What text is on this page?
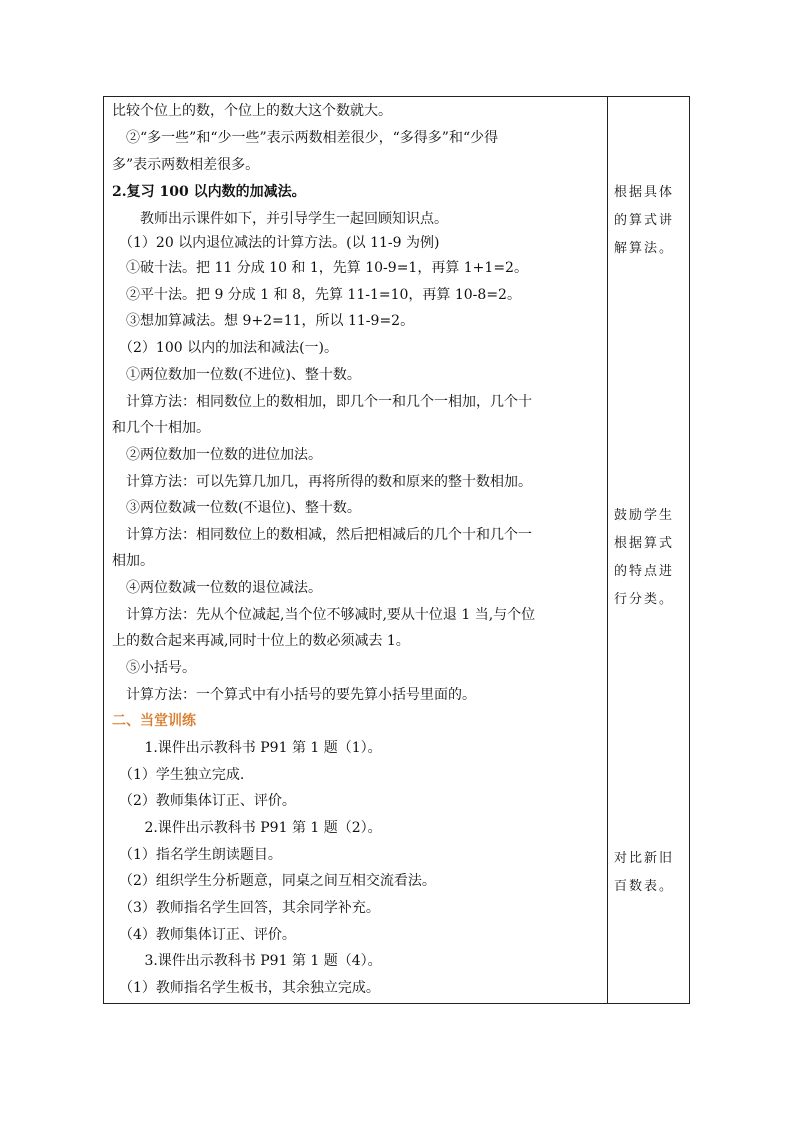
比较个位上的数，个位上的数大这个数就大。
　②“多一些”和“少一些”表示两数相差很少，“多得多”和“少得
多”表示两数相差很多。
2.复习 100 以内数的加减法。
　　教师出示课件如下，并引导学生一起回顾知识点。
　（1）20 以内退位减法的计算方法。(以 11-9 为例)
　①破十法。把 11 分成 10 和 1，先算 10-9=1，再算 1+1=2。
　②平十法。把 9 分成 1 和 8，先算 11-1=10，再算 10-8=2。
　③想加算减法。想 9+2=11，所以 11-9=2。
　（2）100 以内的加法和减法(一)。
　①两位数加一位数(不进位)、整十数。
　计算方法：相同数位上的数相加，即几个一和几个一相加，几个十
和几个十相加。
　②两位数加一位数的进位加法。
　计算方法：可以先算几加几，再将所得的数和原来的整十数相加。
　③两位数减一位数(不退位)、整十数。
　计算方法：相同数位上的数相减，然后把相减后的几个十和几个一
相加。
　④两位数减一位数的退位减法。
　计算方法：先从个位减起,当个位不够减时,要从十位退 1 当,与个位
上的数合起来再减,同时十位上的数必须减去 1。
　⑤小括号。
　计算方法：一个算式中有小括号的要先算小括号里面的。
二、当堂训练
　　 1.课件出示教科书 P91 第 1 题（1）。
　（1）学生独立完成.
　（2）教师集体订正、评价。
　　 2.课件出示教科书 P91 第 1 题（2）。
　（1）指名学生朗读题目。
　（2）组织学生分析题意，同桌之间互相交流看法。
　（3）教师指名学生回答，其余同学补充。
　（4）教师集体订正、评价。
　　 3.课件出示教科书 P91 第 1 题（4）。
　（1）教师指名学生板书，其余独立完成。
根据具体
的算式讲
解算法。
鼓励学生
根据算式
的特点进
行分类。
对比新旧
百数表。
